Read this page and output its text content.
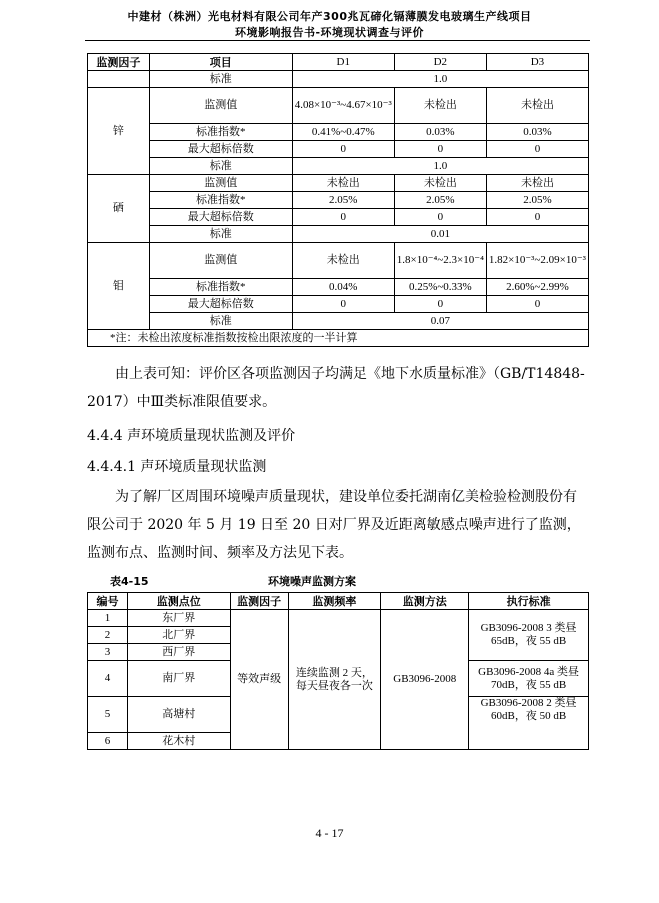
中建材（株洲）光电材料有限公司年产300兆瓦碲化镉薄膜发电玻璃生产线项目
环境影响报告书-环境现状调查与评价
监测因子	项目	D1	D2	D3
	标准	1.0		
锌	监测值	4.08×10⁻³~4.67×10⁻³	未检出	未检出
	标准指数*	0.41%~0.47%	0.03%	0.03%
	最大超标倍数	0	0	0
	标准	1.0		
硒	监测值	未检出	未检出	未检出
	标准指数*	2.05%	2.05%	2.05%
	最大超标倍数	0	0	0
	标准	0.01		
钼	监测值	未检出	1.8×10⁻⁴~2.3×10⁻⁴	1.82×10⁻³~2.09×10⁻³
	标准指数*	0.04%	0.25%~0.33%	2.60%~2.99%
	最大超标倍数	0	0	0
	标准	0.07		
*注：未检出浓度标准指数按检出限浓度的一半计算				
由上表可知：评价区各项监测因子均满足《地下水质量标准》（GB/T14848-2017）中Ⅲ类标准限值要求。
4.4.4 声环境质量现状监测及评价
4.4.4.1 声环境质量现状监测
为了解厂区周围环境噪声质量现状，建设单位委托湖南亿美检验检测股份有限公司于 2020 年 5 月 19 日至 20 日对厂界及近距离敏感点噪声进行了监测，监测布点、监测时间、频率及方法见下表。
表4-15	环境噪声监测方案
编号	监测点位	监测因子	监测频率	监测方法	执行标准
1	东厂界	等效声级	连续监测 2 天，每天昼夜各一次	GB3096-2008	GB3096-2008 3 类昼 65dB，夜 55 dB
2	北厂界				
3	西厂界				
4	南厂界				GB3096-2008 4a 类昼 70dB，夜 55 dB
5	高塘村				GB3096-2008 2 类昼 60dB，夜 50 dB
6	花木村				
4 - 17
